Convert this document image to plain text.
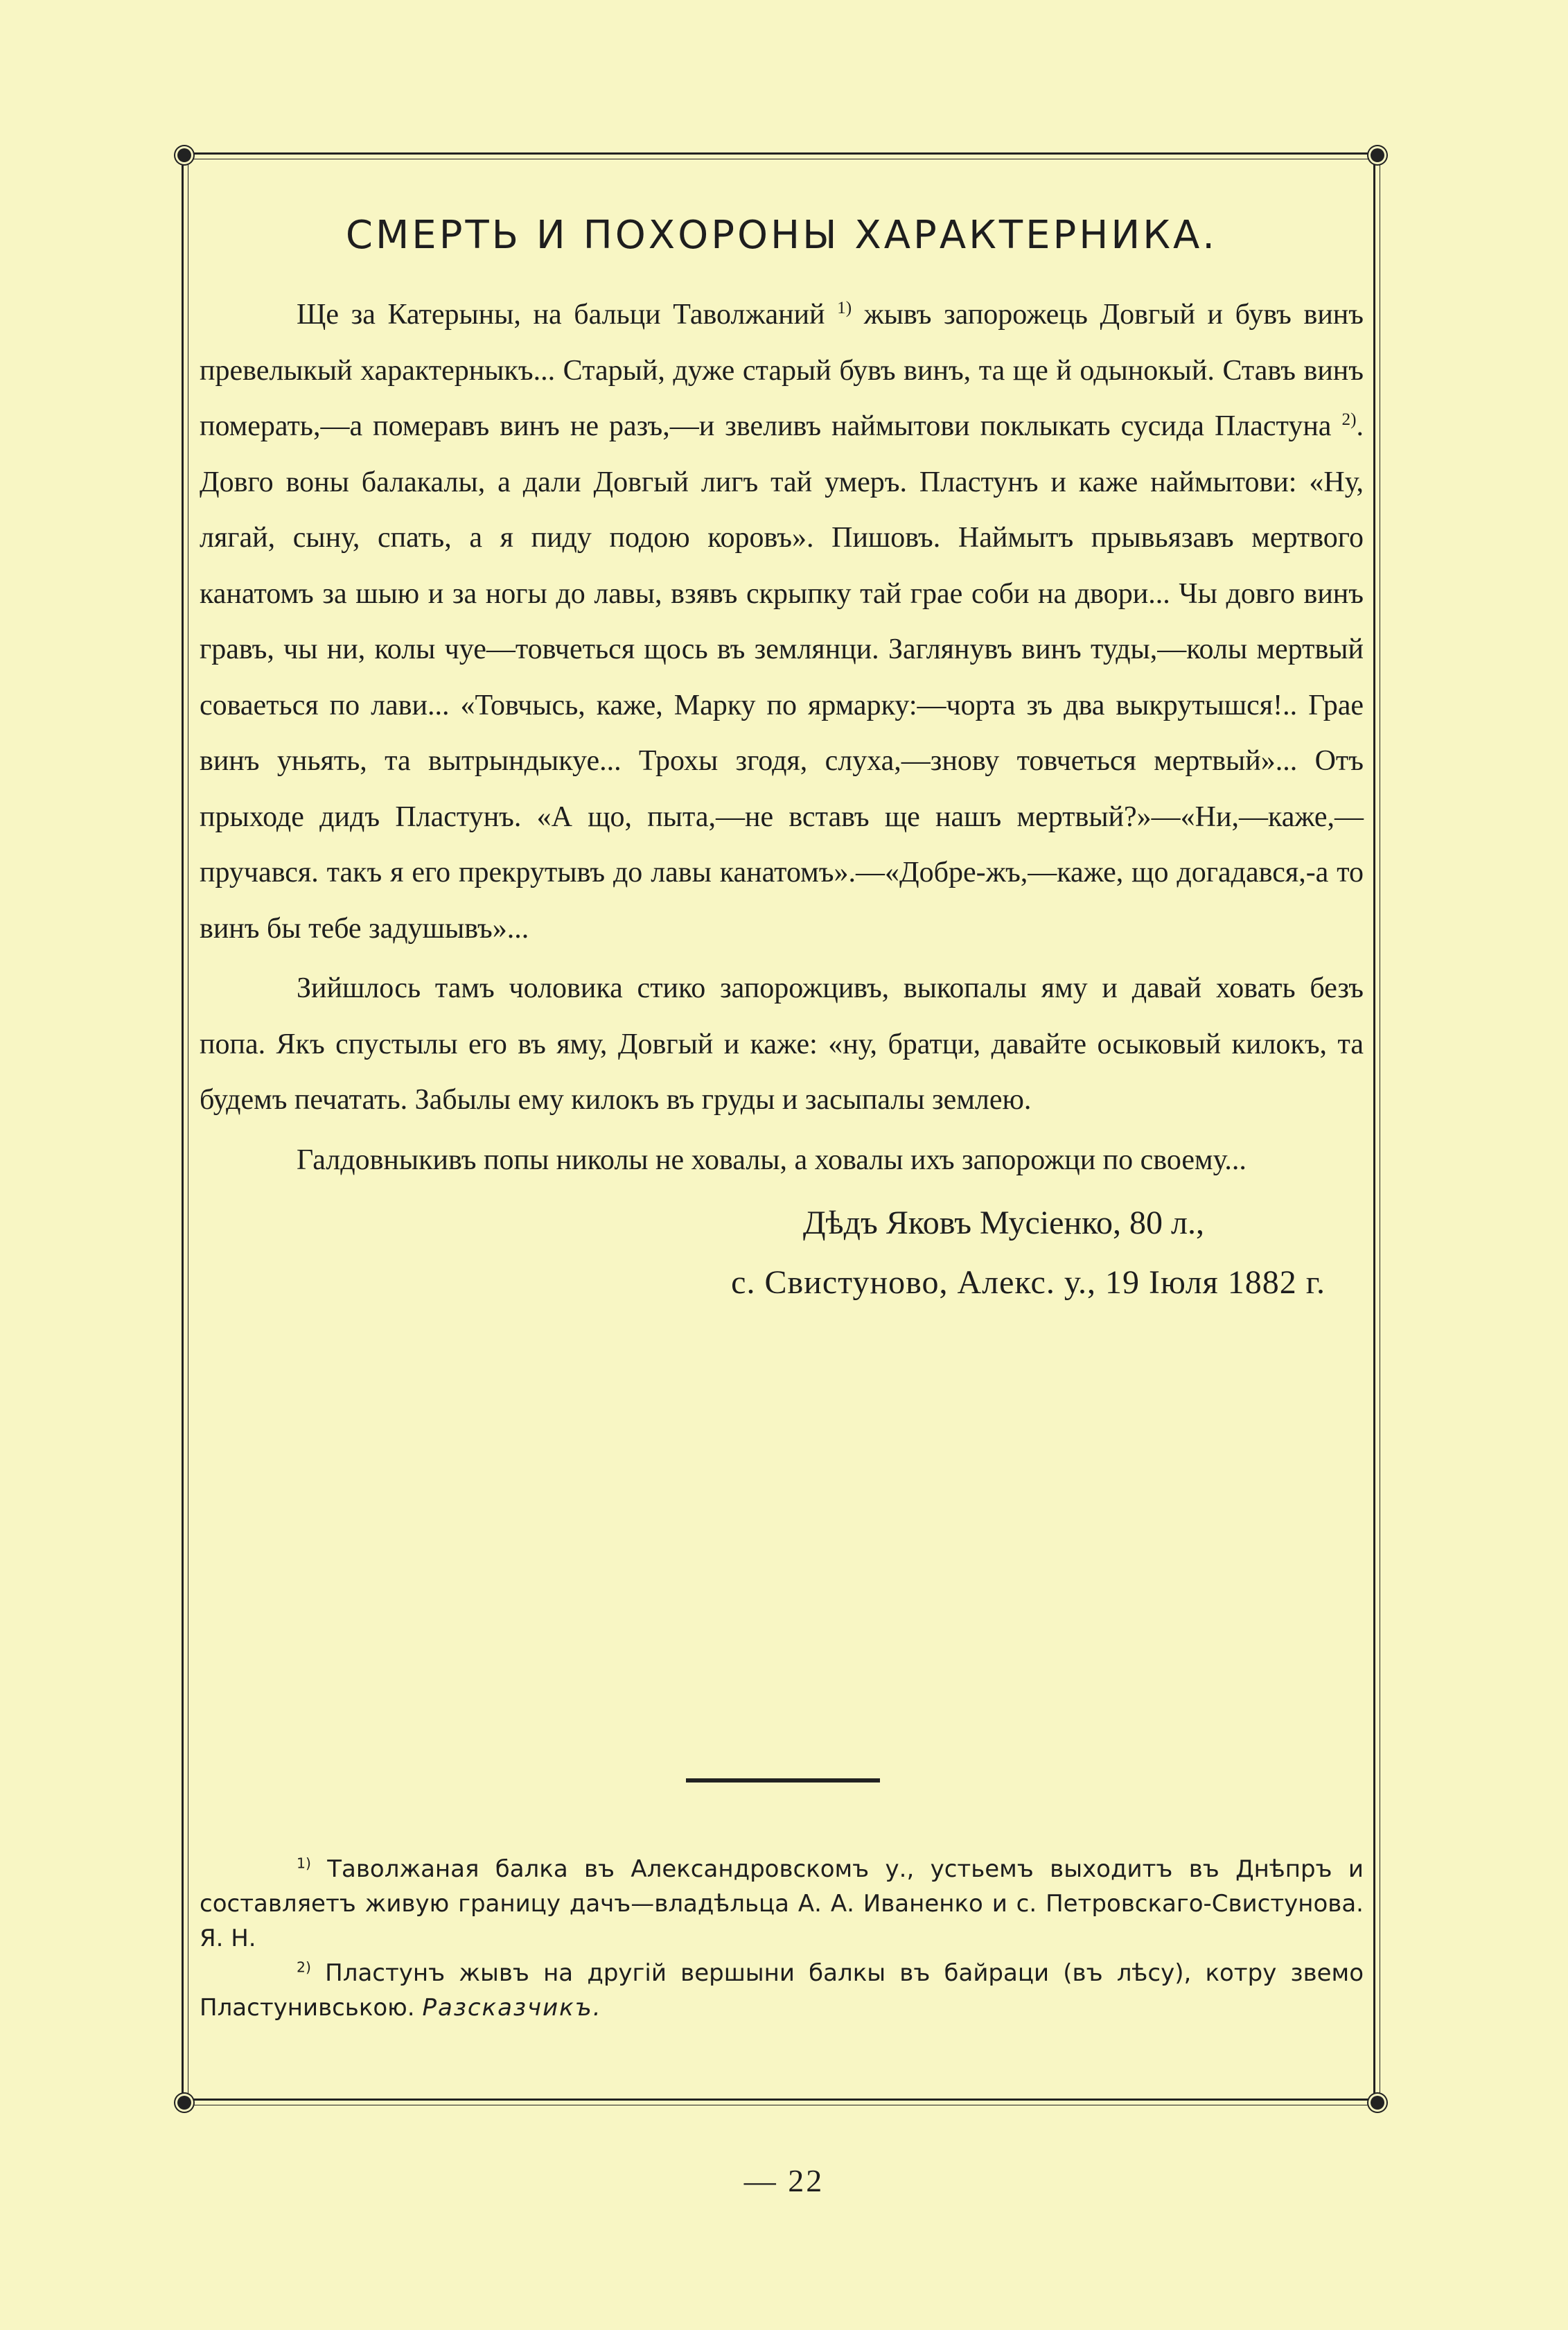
СМЕРТЬ И ПОХОРОНЫ ХАРАКТЕРНИКА.

Ще за Катерыны, на бальци Таволжаний $^{1)}$ жывъ запорожець Довгый и бувъ винъ превелыкый характерныкъ... Старый, дуже старый бувъ винъ, та ще й одынокый. Ставъ винъ померать,—а померавъ винъ не разъ,—и звеливъ наймытови поклыкать сусида Пластуна $^{2)}$. Довго воны балакалы, а дали Довгый лигъ тай умеръ. Пластунъ и каже наймытови: «Ну, лягай, сыну, спать, а я пиду подою коровъ». Пишовъ. Наймытъ прывьязавъ мертвого канатомъ за шыю и за ногы до лавы, взявъ скрыпку тай грае соби на двори... Чы довго винъ гравъ, чы ни, колы чуе—товчеться щось въ землянци. Заглянувъ винъ туды,—колы мертвый соваеться по лави... «Товчысь, каже, Марку по ярмарку:—чорта зъ два выкрутышся!.. Грае винъ уньять, та вытрындыкуе... Трохы згодя, слуха,—знову товчеться мертвый»... Отъ прыходе дидъ Пластунъ. «А що, пыта,—не вставъ ще нашъ мертвый?»—«Ни,—каже,—пручався. такъ я его прекрутывъ до лавы канатомъ».—«Добре-жъ,—каже, що догадався,-а то винъ бы тебе задушывъ»...

Зийшлось тамъ чоловика стико запорожцивъ, выкопалы яму и давай ховать безъ попа. Якъ спустылы его въ яму, Довгый и каже: «ну, братци, давайте осыковый килокъ, та будемъ печатать. Забылы ему килокъ въ груды и засыпалы землею.

Галдовныкивъ попы николы не ховалы, а ховалы ихъ запорожци по своему...

Дѣдъ Яковъ Мусіенко, 80 л.,
с. Свистуново, Алекс. у., 19 Іюля 1882 г.

$^{1)}$ Таволжаная балка въ Александровскомъ у., устьемъ выходитъ въ Днѣпръ и составляетъ живую границу дачъ—владѣльца А. А. Иваненко и с. Петровскаго-Свистунова. Я. Н.

$^{2)}$ Пластунъ жывъ на другій вершыни балкы въ байраци (въ лѣсу), котру звемо Пластунивською. Разсказчикъ.

— 22
